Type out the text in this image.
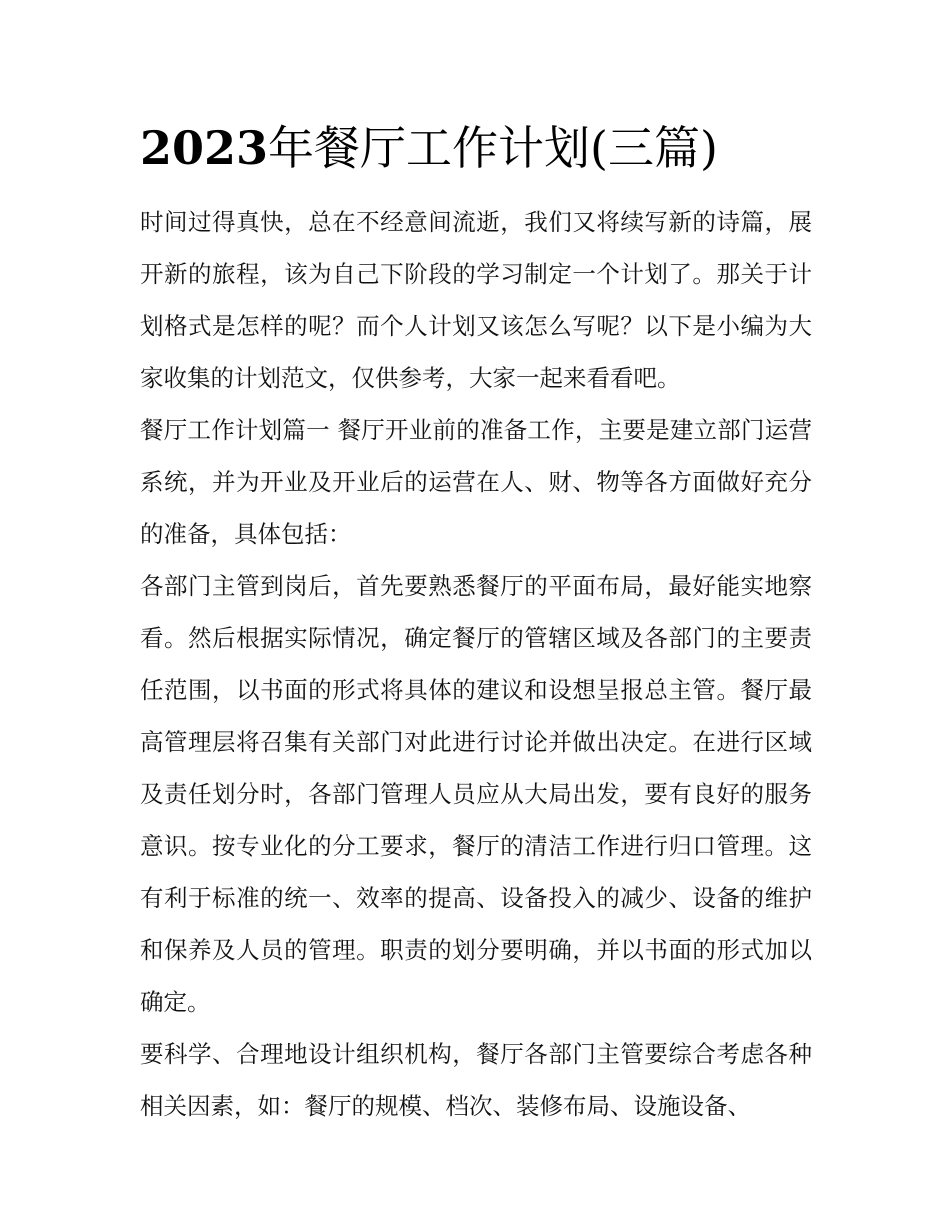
2023年餐厅工作计划(三篇)

时间过得真快，总在不经意间流逝，我们又将续写新的诗篇，展开新的旅程，该为自己下阶段的学习制定一个计划了。那关于计划格式是怎样的呢？而个人计划又该怎么写呢？以下是小编为大家收集的计划范文，仅供参考，大家一起来看看吧。

餐厅工作计划篇一 餐厅开业前的准备工作，主要是建立部门运营系统，并为开业及开业后的运营在人、财、物等各方面做好充分的准备，具体包括：

各部门主管到岗后，首先要熟悉餐厅的平面布局，最好能实地察看。然后根据实际情况，确定餐厅的管辖区域及各部门的主要责任范围，以书面的形式将具体的建议和设想呈报总主管。餐厅最高管理层将召集有关部门对此进行讨论并做出决定。在进行区域及责任划分时，各部门管理人员应从大局出发，要有良好的服务意识。按专业化的分工要求，餐厅的清洁工作进行归口管理。这有利于标准的统一、效率的提高、设备投入的减少、设备的维护和保养及人员的管理。职责的划分要明确，并以书面的形式加以确定。

要科学、合理地设计组织机构，餐厅各部门主管要综合考虑各种相关因素，如：餐厅的规模、档次、装修布局、设施设备、
